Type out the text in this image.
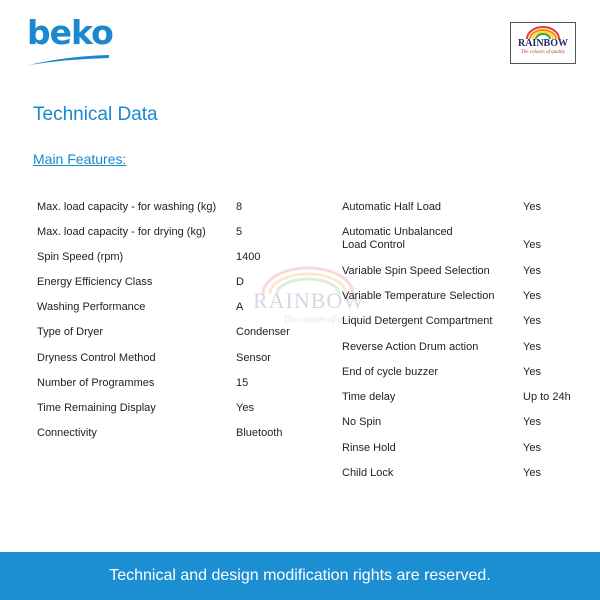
beko	RAINBOW
The colours of quality
RAINBOW
The colours of quality
Technical Data
Main Features:
Max. load capacity - for washing (kg) 8
Max. load capacity - for drying (kg)	5
Spin Speed (rpm)	1400
Energy Efficiency Class	D
Washing Performance	A
Type of Dryer	Condenser
Dryness Control Method	Sensor
Number of Programmes	15
Time Remaining Display	Yes
Connectivity	Bluetooth
Automatic Half Load	Yes
Automatic Unbalanced
Load Control	Yes
Variable Spin Speed Selection	Yes
Variable Temperature Selection	Yes
Liquid Detergent Compartment	Yes
Reverse Action Drum action	Yes
End of cycle buzzer	Yes
Time delay	Up to 24h
No Spin	Yes
Rinse Hold	Yes
Child Lock	Yes
Technical and design modification rights are reserved.
